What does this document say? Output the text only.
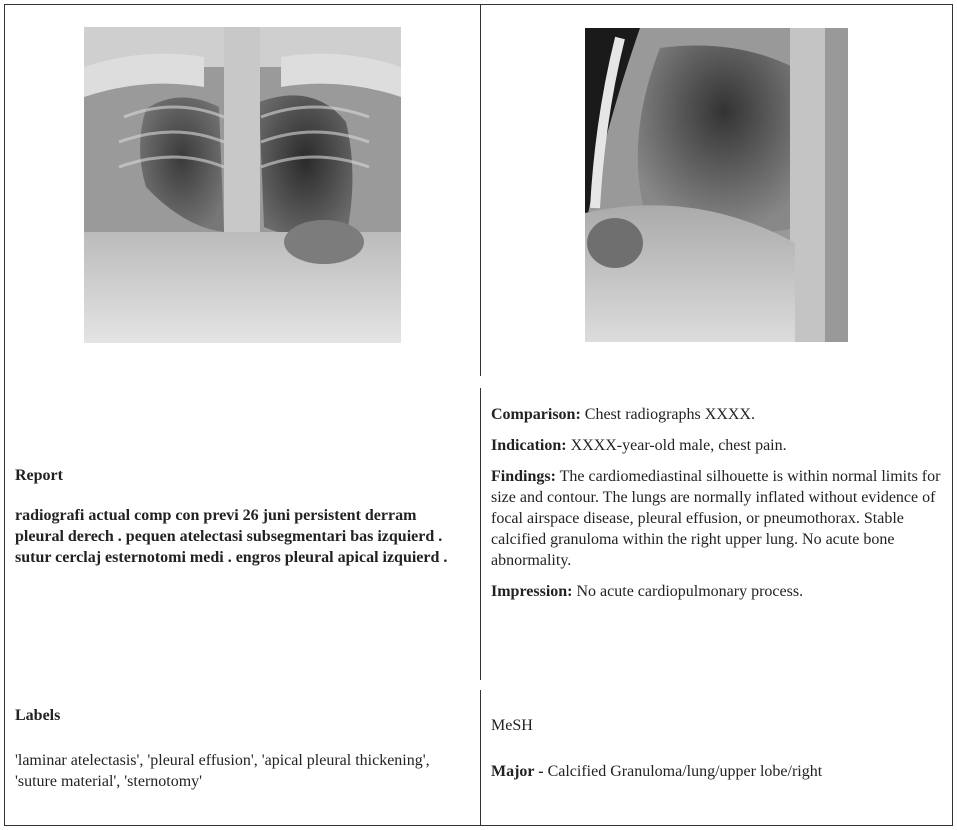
Report
radiografi actual comp con previ 26 juni persistent derram pleural derech . pequen atelectasi subsegmentari bas izquierd . sutur cerclaj esternotomi medi . engros pleural apical izquierd .
Labels
'laminar atelectasis', 'pleural effusion', 'apical pleural thickening', 'suture material', 'sternotomy'

Comparison: Chest radiographs XXXX.

Indication: XXXX-year-old male, chest pain.

Findings: The cardiomediastinal silhouette is within normal limits for size and contour. The lungs are normally inflated without evidence of focal airspace disease, pleural effusion, or pneumothorax. Stable calcified granuloma within the right upper lung. No acute bone abnormality.

Impression: No acute cardiopulmonary process.

MeSH
Major - Calcified Granuloma/lung/upper lobe/right
